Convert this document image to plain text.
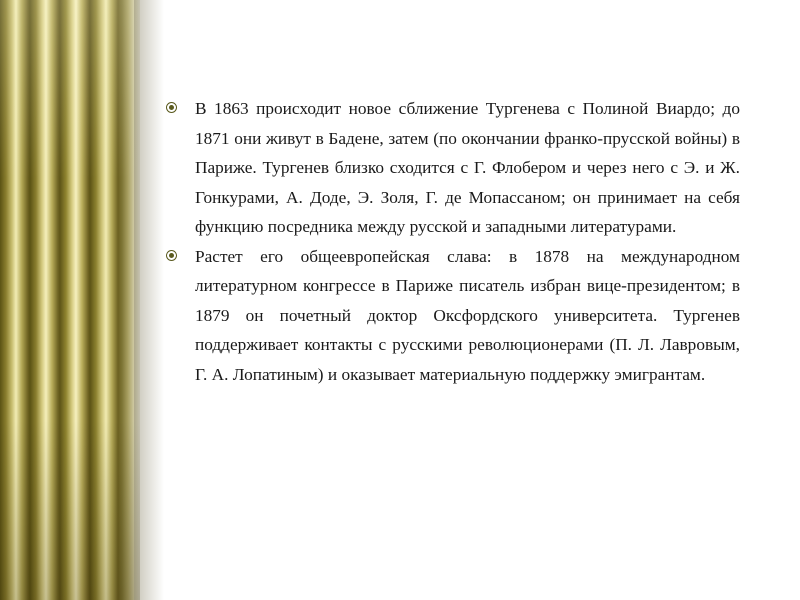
В 1863 происходит новое сближение Тургенева с Полиной Виардо; до 1871 они живут в Бадене, затем (по окончании франко-прусской войны) в Париже. Тургенев близко сходится с Г. Флобером и через него с Э. и Ж. Гонкурами, А. Доде, Э. Золя, Г. де Мопассаном; он принимает на себя функцию посредника между русской и западными литературами.
Растет его общеевропейская слава: в 1878 на международном литературном конгрессе в Париже писатель избран вице-президентом; в 1879 он почетный доктор Оксфордского университета. Тургенев поддерживает контакты с русскими революционерами (П. Л. Лавровым, Г. А. Лопатиным) и оказывает материальную поддержку эмигрантам.
